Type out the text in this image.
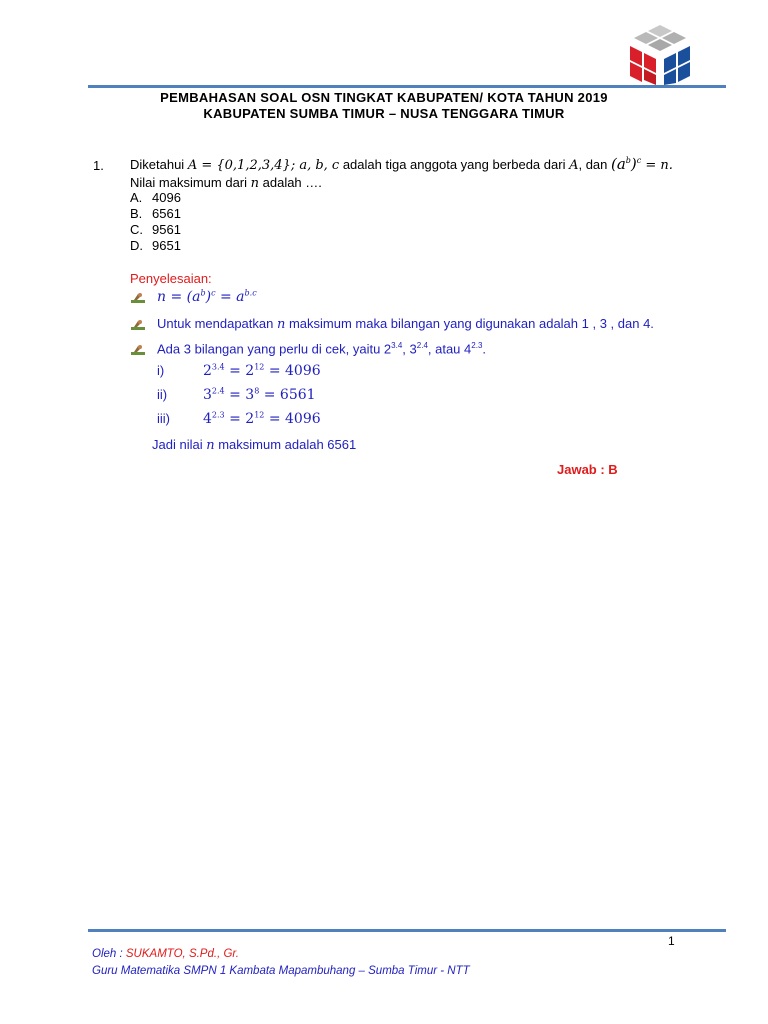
PEMBAHASAN SOAL OSN TINGKAT KABUPATEN/ KOTA TAHUN 2019
KABUPATEN SUMBA TIMUR – NUSA TENGGARA TIMUR
1. Diketahui A = {0,1,2,3,4}; a, b, c adalah tiga anggota yang berbeda dari A, dan $(a^b)^c = n$.
Nilai maksimum dari n adalah ….
A. 4096
B. 6561
C. 9561
D. 9651
Penyelesaian:
$n = (a^b)^c = a^{b.c}$
Untuk mendapatkan n maksimum maka bilangan yang digunakan adalah 1 , 3 , dan 4.
Ada 3 bilangan yang perlu di cek, yaitu $2^{3.4}$, $3^{2.4}$, atau $4^{2.3}$.
i)	$2^{3.4} = 2^{12} = 4096$
ii)	$3^{2.4} = 3^8 = 6561$
iii) $4^{2.3} = 2^{12} = 4096$
Jadi nilai n maksimum adalah 6561
Jawab : B
1
Oleh : SUKAMTO, S.Pd., Gr.
Guru Matematika SMPN 1 Kambata Mapambuhang – Sumba Timur - NTT
